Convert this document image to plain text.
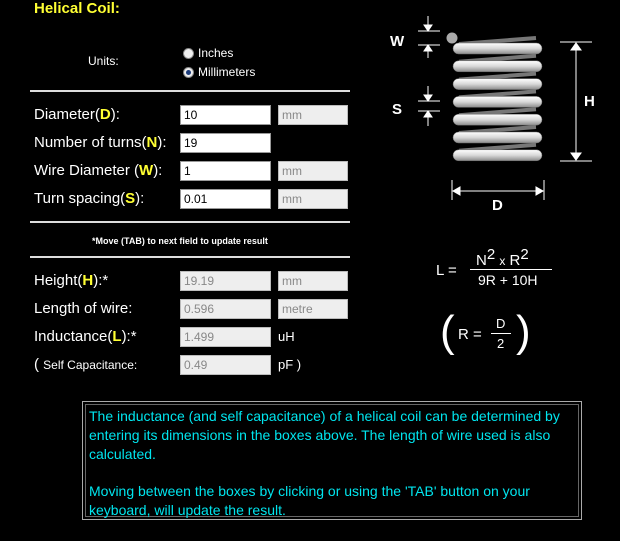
Helical Coil:
Units:
Inches
Millimeters
Diameter(D):
10	mm
Number of turns(N):
19
Wire Diameter (W):
1	mm
Turn spacing(S):
0.01	mm
*Move (TAB) to next field to update result
Height(H):*
19.19	mm
Length of wire:
0.596	metre
Inductance(L):*
1.499	uH
( Self Capacitance:
0.49	pF )
W
S	H
D
L =
$N^2$ x $R^2$
9R + 10H
( R =
D
2 )

The inductance (and self capacitance) of a helical coil can be determined by entering its dimensions in the boxes above. The length of wire used is also calculated.

Moving between the boxes by clicking or using the 'TAB' button on your keyboard, will update the result.
